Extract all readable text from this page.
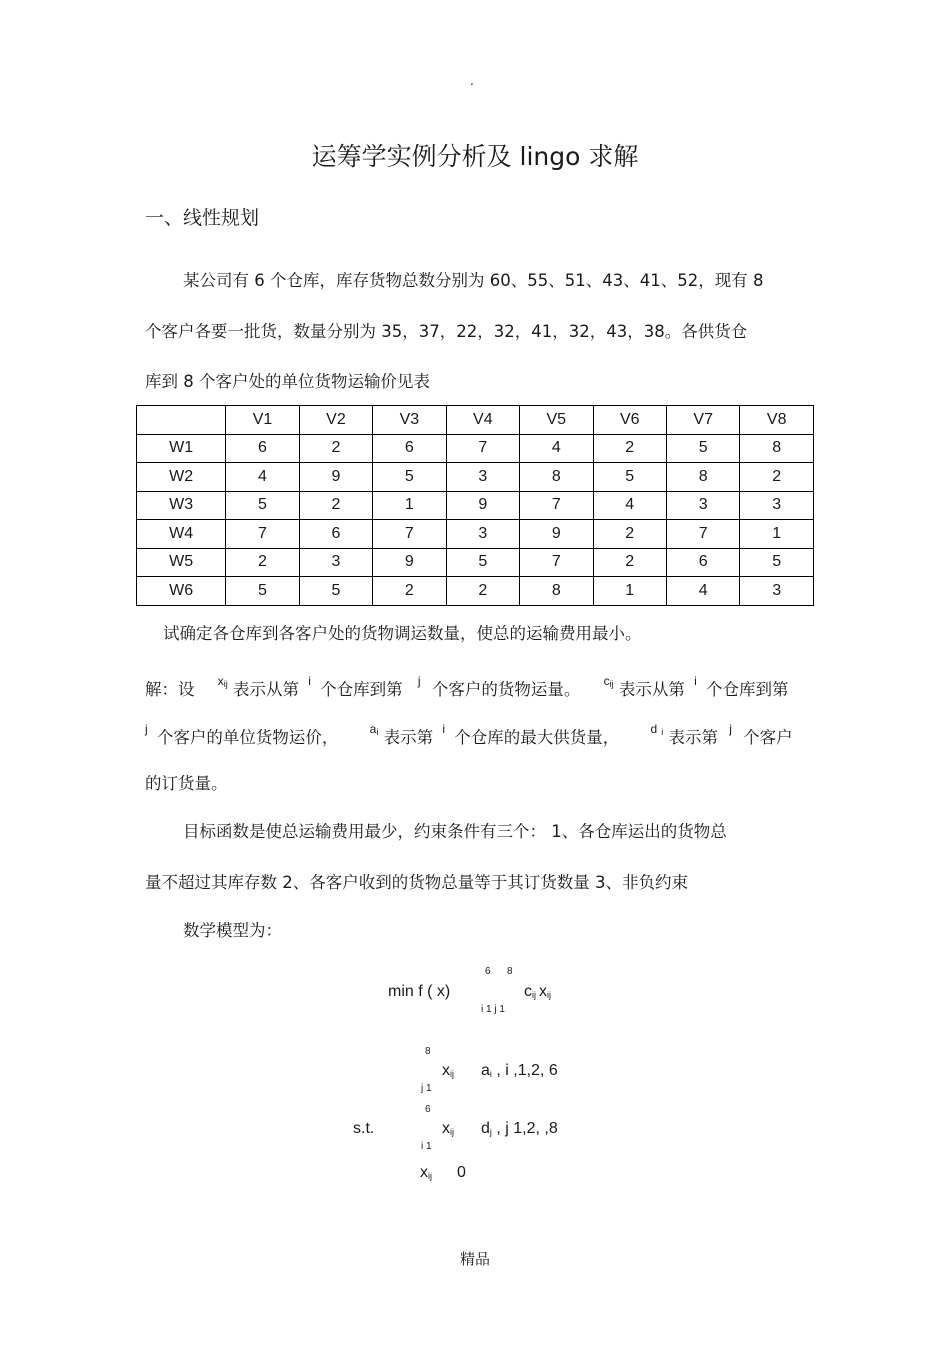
.
运筹学实例分析及 lingo 求解
一、线性规划
某公司有 6 个仓库，库存货物总数分别为 60、55、51、43、41、52，现有 8
个客户各要一批货，数量分别为 35，37，22，32，41，32，43，38。各供货仓
库到 8 个客户处的单位货物运输价见表
	V1	V2	V3	V4	V5	V6	V7	V8
W1	6	2	6	7	4	2	5	8
W2	4	9	5	3	8	5	8	2
W3	5	2	1	9	7	4	3	3
W4	7	6	7	3	9	2	7	1
W5	2	3	9	5	7	2	6	5
W6	5	5	2	2	8	1	4	3
试确定各仓库到各客户处的货物调运数量，使总的运输费用最小。
解：设 $x_{ij}$ 表示从第 i 个仓库到第 j 个客户的货物运量。 $c_{ij}$ 表示从第 i 个仓库到第
j 个客户的单位货物运价，	$a_i$ 表示第 i 个仓库的最大供货量，	d $_i$ 表示第 j 个客户
的订货量。
目标函数是使总运输费用最少，约束条件有三个： 1、各仓库运出的货物总
量不超过其库存数 2、各客户收到的货物总量等于其订货数量 3、非负约束
数学模型为：
min f ( x)
6 8
i 1 j 1
$c_{ij}$ $x_{ij}$
8
j 1
$x_{ij}$ $a_i$ , i ,1,2, 6
s.t.
6
i 1
$x_{ij}$ $d_j$ , j 1,2, ,8
$x_{ij}$ 0
精品
